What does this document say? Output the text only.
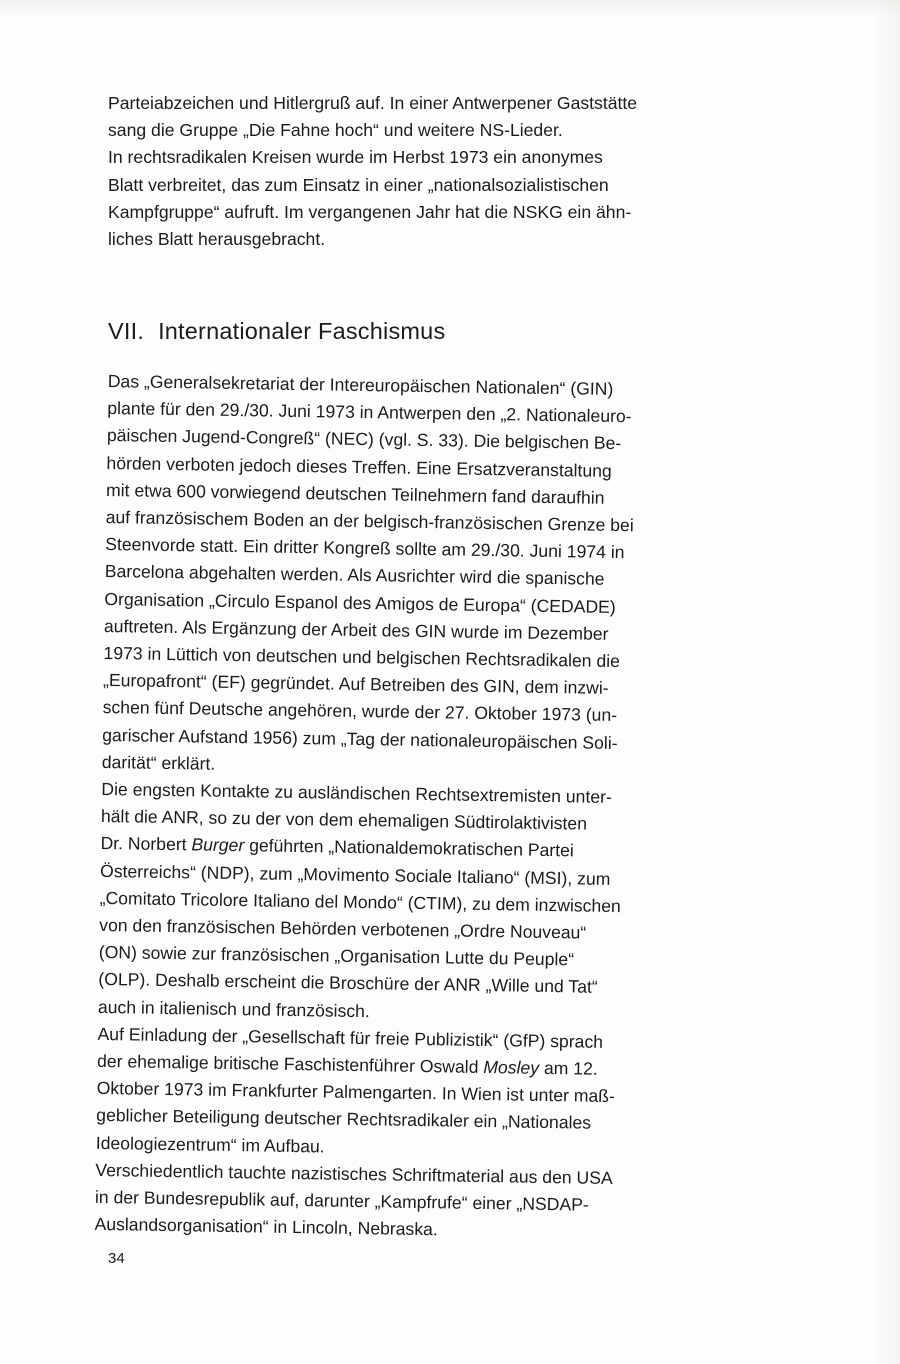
Parteiabzeichen und Hitlergruß auf. In einer Antwerpener Gaststätte
sang die Gruppe „Die Fahne hoch“ und weitere NS-Lieder.
In rechtsradikalen Kreisen wurde im Herbst 1973 ein anonymes
Blatt verbreitet, das zum Einsatz in einer „nationalsozialistischen
Kampfgruppe“ aufruft. Im vergangenen Jahr hat die NSKG ein ähn-
liches Blatt herausgebracht.

VII. Internationaler Faschismus

Das „Generalsekretariat der Intereuropäischen Nationalen“ (GIN)
plante für den 29./30. Juni 1973 in Antwerpen den „2. Nationaleuro-
päischen Jugend-Congreß“ (NEC) (vgl. S. 33). Die belgischen Be-
hörden verboten jedoch dieses Treffen. Eine Ersatzveranstaltung
mit etwa 600 vorwiegend deutschen Teilnehmern fand daraufhin
auf französischem Boden an der belgisch-französischen Grenze bei
Steenvorde statt. Ein dritter Kongreß sollte am 29./30. Juni 1974 in
Barcelona abgehalten werden. Als Ausrichter wird die spanische
Organisation „Circulo Espanol des Amigos de Europa“ (CEDADE)
auftreten. Als Ergänzung der Arbeit des GIN wurde im Dezember
1973 in Lüttich von deutschen und belgischen Rechtsradikalen die
„Europafront“ (EF) gegründet. Auf Betreiben des GIN, dem inzwi-
schen fünf Deutsche angehören, wurde der 27. Oktober 1973 (un-
garischer Aufstand 1956) zum „Tag der nationaleuropäischen Soli-
darität“ erklärt.

Die engsten Kontakte zu ausländischen Rechtsextremisten unter-
hält die ANR, so zu der von dem ehemaligen Südtirolaktivisten
Dr. Norbert Burger geführten „Nationaldemokratischen Partei
Österreichs“ (NDP), zum „Movimento Sociale Italiano“ (MSI), zum
„Comitato Tricolore Italiano del Mondo“ (CTIM), zu dem inzwischen
von den französischen Behörden verbotenen „Ordre Nouveau“
(ON) sowie zur französischen „Organisation Lutte du Peuple“
(OLP). Deshalb erscheint die Broschüre der ANR „Wille und Tat“
auch in italienisch und französisch.

Auf Einladung der „Gesellschaft für freie Publizistik“ (GfP) sprach
der ehemalige britische Faschistenführer Oswald Mosley am 12.
Oktober 1973 im Frankfurter Palmengarten. In Wien ist unter maß-
geblicher Beteiligung deutscher Rechtsradikaler ein „Nationales
Ideologiezentrum“ im Aufbau.

Verschiedentlich tauchte nazistisches Schriftmaterial aus den USA
in der Bundesrepublik auf, darunter „Kampfrufe“ einer „NSDAP-
Auslandsorganisation“ in Lincoln, Nebraska.

34
